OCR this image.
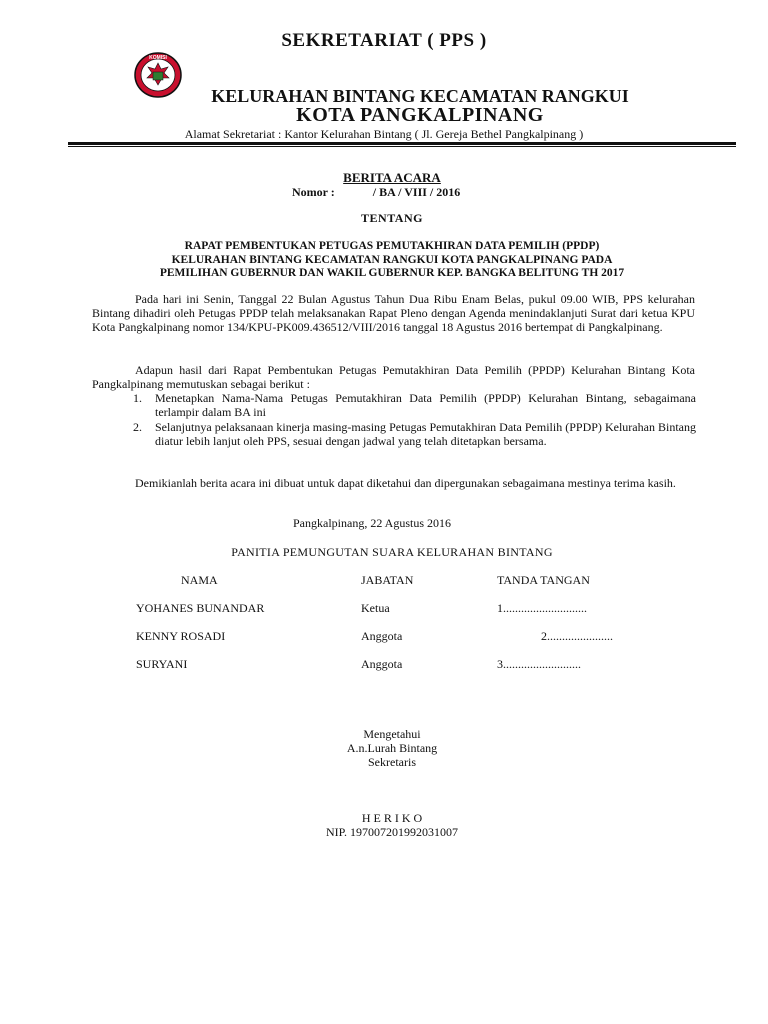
SEKRETARIAT ( PPS )
KOMISI
KELURAHAN BINTANG KECAMATAN RANGKUI
KOTA PANGKALPINANG
Alamat Sekretariat : Kantor Kelurahan Bintang ( Jl. Gereja Bethel Pangkalpinang )
BERITA ACARA
Nomor :	/ BA / VIII / 2016
TENTANG
RAPAT PEMBENTUKAN PETUGAS PEMUTAKHIRAN DATA PEMILIH (PPDP)
KELURAHAN BINTANG KECAMATAN RANGKUI KOTA PANGKALPINANG PADA
PEMILIHAN GUBERNUR DAN WAKIL GUBERNUR KEP. BANGKA BELITUNG TH 2017
Pada hari ini Senin, Tanggal 22 Bulan Agustus Tahun Dua Ribu Enam Belas, pukul 09.00 WIB, PPS kelurahan Bintang dihadiri oleh Petugas PPDP telah melaksanakan Rapat Pleno dengan Agenda menindaklanjuti Surat dari ketua KPU Kota Pangkalpinang nomor 134/KPU-PK009.436512/VIII/2016 tanggal 18 Agustus 2016 bertempat di Pangkalpinang.
Adapun hasil dari Rapat Pembentukan Petugas Pemutakhiran Data Pemilih (PPDP) Kelurahan Bintang Kota Pangkalpinang memutuskan sebagai berikut :
1. Menetapkan Nama-Nama Petugas Pemutakhiran Data Pemilih (PPDP) Kelurahan Bintang, sebagaimana terlampir dalam BA ini
2. Selanjutnya pelaksanaan kinerja masing-masing Petugas Pemutakhiran Data Pemilih (PPDP) Kelurahan Bintang diatur lebih lanjut oleh PPS, sesuai dengan jadwal yang telah ditetapkan bersama.
Demikianlah berita acara ini dibuat untuk dapat diketahui dan dipergunakan sebagaimana mestinya terima kasih.
Pangkalpinang, 22 Agustus 2016
PANITIA PEMUNGUTAN SUARA KELURAHAN BINTANG
NAMA	JABATAN	TANDA TANGAN
YOHANES BUNANDAR	Ketua	1............................
KENNY ROSADI	Anggota	2......................
SURYANI	Anggota	3..........................
Mengetahui
A.n.Lurah Bintang
Sekretaris
H E R I K O
NIP. 197007201992031007
